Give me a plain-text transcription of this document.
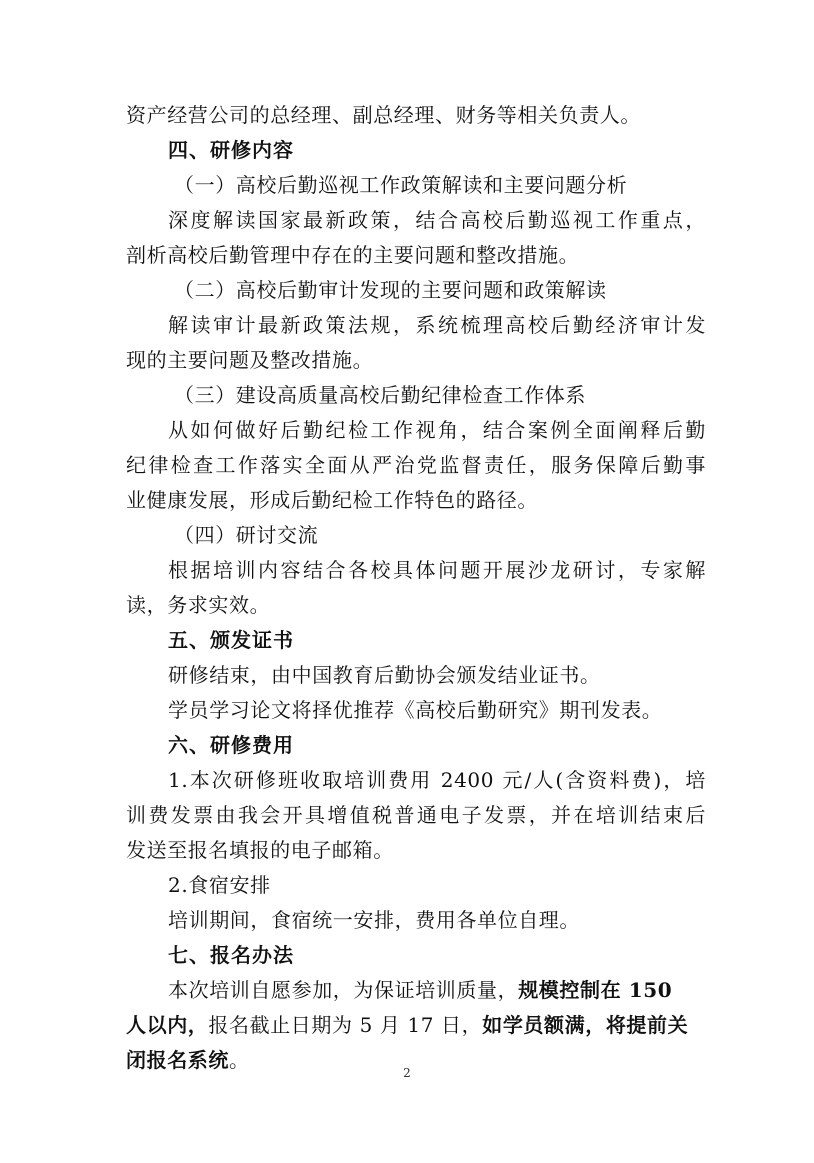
资产经营公司的总经理、副总经理、财务等相关负责人。
四、研修内容
（一）高校后勤巡视工作政策解读和主要问题分析
深度解读国家最新政策，结合高校后勤巡视工作重点，
剖析高校后勤管理中存在的主要问题和整改措施。
（二）高校后勤审计发现的主要问题和政策解读
解读审计最新政策法规，系统梳理高校后勤经济审计发
现的主要问题及整改措施。
（三）建设高质量高校后勤纪律检查工作体系
从如何做好后勤纪检工作视角，结合案例全面阐释后勤
纪律检查工作落实全面从严治党监督责任，服务保障后勤事
业健康发展，形成后勤纪检工作特色的路径。
（四）研讨交流
根据培训内容结合各校具体问题开展沙龙研讨，专家解
读，务求实效。
五、颁发证书
研修结束，由中国教育后勤协会颁发结业证书。
学员学习论文将择优推荐《高校后勤研究》期刊发表。
六、研修费用
1.本次研修班收取培训费用 2400 元/人(含资料费)，培
训费发票由我会开具增值税普通电子发票，并在培训结束后
发送至报名填报的电子邮箱。
2.食宿安排
培训期间，食宿统一安排，费用各单位自理。
七、报名办法
本次培训自愿参加，为保证培训质量，规模控制在 150
人以内，报名截止日期为 5 月 17 日，如学员额满，将提前关
闭报名系统。
2
